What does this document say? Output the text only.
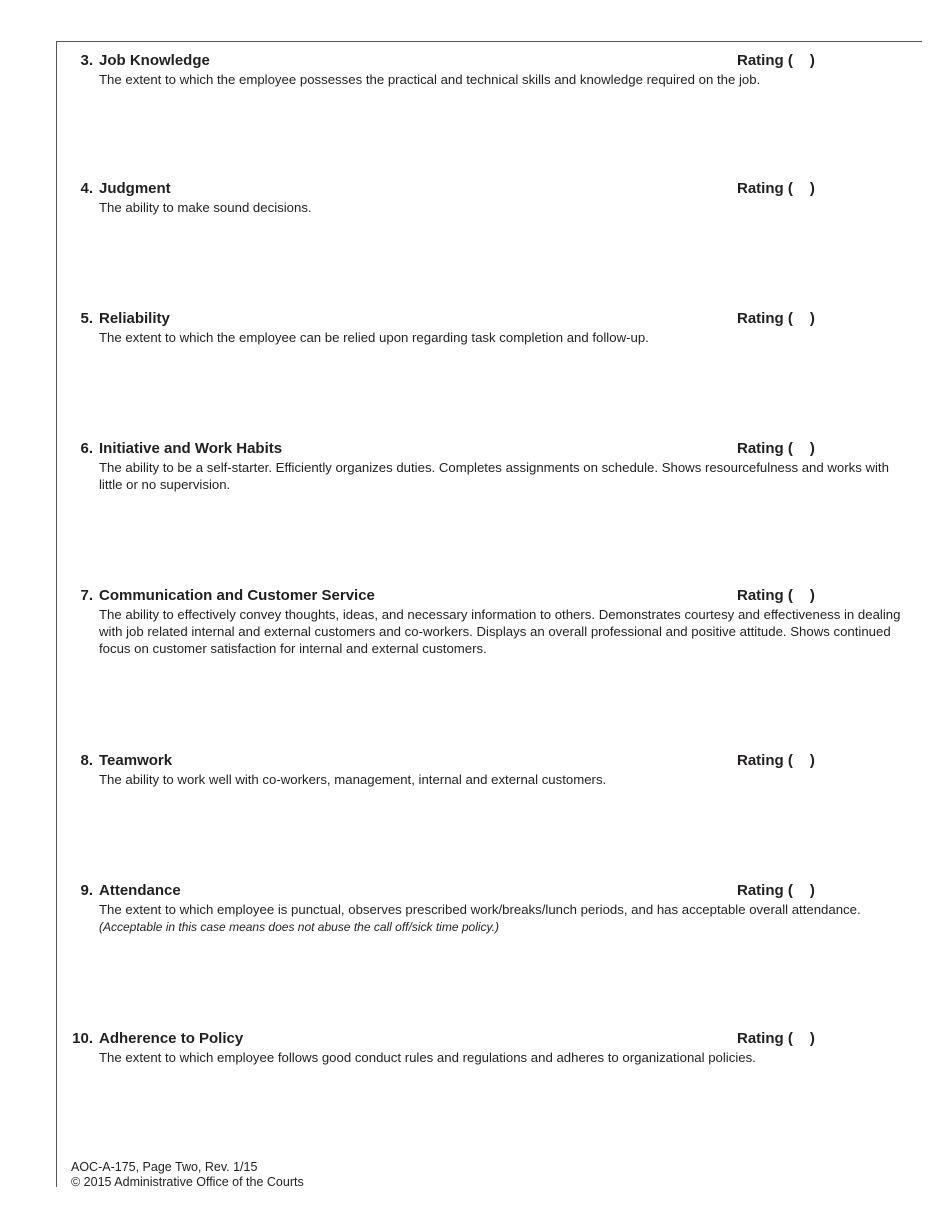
3. Job Knowledge	Rating ( )
The extent to which the employee possesses the practical and technical skills and knowledge required on the job.
4. Judgment	Rating ( )
The ability to make sound decisions.
5. Reliability	Rating ( )
The extent to which the employee can be relied upon regarding task completion and follow-up.
6. Initiative and Work Habits	Rating ( )
The ability to be a self-starter. Efficiently organizes duties. Completes assignments on schedule. Shows resourcefulness and works with little or no supervision.
7. Communication and Customer Service	Rating ( )
The ability to effectively convey thoughts, ideas, and necessary information to others. Demonstrates courtesy and effectiveness in dealing with job related internal and external customers and co-workers. Displays an overall professional and positive attitude. Shows continued focus on customer satisfaction for internal and external customers.
8. Teamwork	Rating ( )
The ability to work well with co-workers, management, internal and external customers.
9. Attendance	Rating ( )
The extent to which employee is punctual, observes prescribed work/breaks/lunch periods, and has acceptable overall attendance.
(Acceptable in this case means does not abuse the call off/sick time policy.)
10. Adherence to Policy	Rating ( )
The extent to which employee follows good conduct rules and regulations and adheres to organizational policies.
AOC-A-175, Page Two, Rev. 1/15
© 2015 Administrative Office of the Courts
